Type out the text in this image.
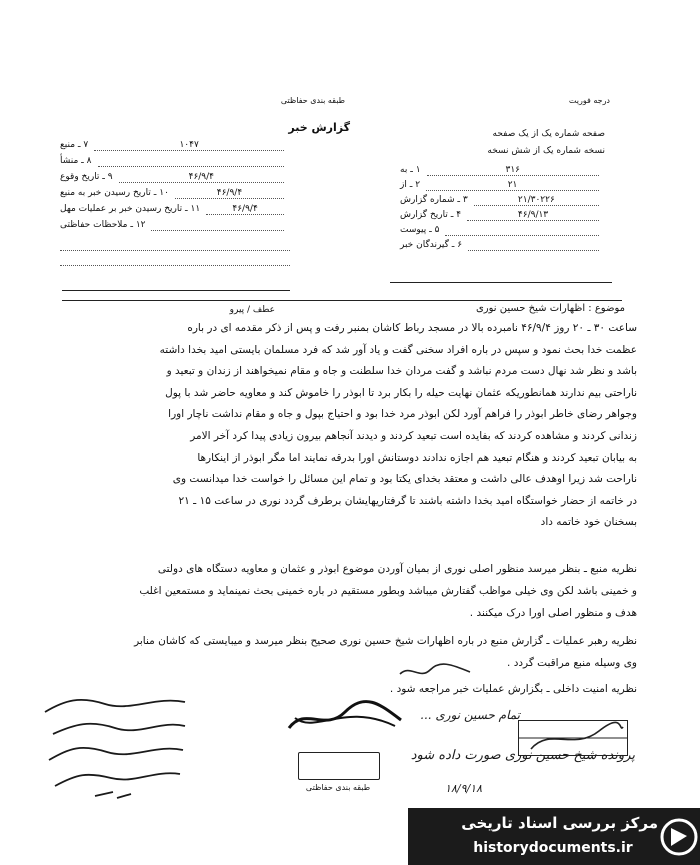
طبقه بندی حفاظتی
گزارش خبر
درجه فوریت
صفحه شماره یک از یک صفحه
نسخه شماره یک از شش نسخه
۷ ـ منبع	۱۰۴۷
۸ ـ منشأ
۹ ـ تاریخ وقوع	۴۶/۹/۴
۱۰ ـ تاریخ رسیدن خبر به منبع	۴۶/۹/۴
۱۱ ـ تاریخ رسیدن خبر بر عملیات مهل	۴۶/۹/۴
۱۲ ـ ملاحظات حفاظتی
۱ ـ به	۳۱۶
۲ ـ از	۲۱
۳ ـ شماره گزارش	۲۱/۳۰۲۲۶
۴ ـ تاریخ گزارش	۴۶/۹/۱۳
۵ ـ پیوست
۶ ـ گیرندگان خبر
موضوع : اظهارات شیخ حسین نوری
عطف / پیرو
ساعت ۳۰ ـ ۲۰ روز ۴۶/۹/۴ نامبرده بالا در مسجد رباط کاشان بمنبر رفت و پس از ذکر مقدمه ای در باره
عظمت خدا بحث نمود و سپس در باره افراد سخنی گفت و یاد آور شد که فرد مسلمان بایستی امید بخدا داشته
باشد و نظر شد نهال دست مردم نباشد و گفت مردان خدا سلطنت و جاه و مقام نمیخواهند از زندان و تبعید و
ناراحتی بیم ندارند همانطوریکه عثمان نهایت حیله را بکار برد تا ابوذر را خاموش کند و معاویه حاضر شد با پول
وجواهر رضای خاطر ابوذر را فراهم آورد لکن ابوذر مرد خدا بود و احتیاج بپول و جاه و مقام نداشت ناچار اورا
زندانی کردند و مشاهده کردند که بفایده است تبعید کردند و دیدند آنجاهم بیرون زیادی پیدا کرد آخر الامر
به بیابان تبعید کردند و هنگام تبعید هم اجازه ندادند دوستانش اورا بدرقه نمایند اما مگر ابوذر از اینکارها
ناراحت شد زیرا اوهدف عالی داشت و معتقد بخدای یکتا بود و تمام این مسائل را خواست خدا میدانست وی
در خاتمه از حضار خواستگاه امید بخدا داشته باشند تا گرفتاریهایشان برطرف گردد نوری در ساعت ۱۵ ـ ۲۱
بسخنان خود خاتمه داد
نظریه منبع ـ بنظر میرسد منظور اصلی نوری از بمیان آوردن موضوع ابوذر و عثمان و معاویه دستگاه های دولتی
و خمینی باشد لکن وی خیلی مواظب گفتارش میباشد وبطور مستقیم در باره خمینی بحث نمینماید و مستمعین اغلب
هدف و منظور اصلی اورا درک میکنند .
نظریه رهبر عملیات ـ گزارش منبع در باره اظهارات شیخ حسین نوری صحیح بنظر میرسد و میبایستی که کاشان منابر
وی وسیله منبع مراقبت گردد .
نظریه امنیت داخلی ـ بگزارش عملیات خبر مراجعه شود .
تمام حسین نوری ...
پرونده شیخ حسین نوری صورت داده شود
طبقه بندی حفاظتی	۱۸/۹/۱۸
مرکز بررسی اسناد تاریخی
historydocuments.ir
